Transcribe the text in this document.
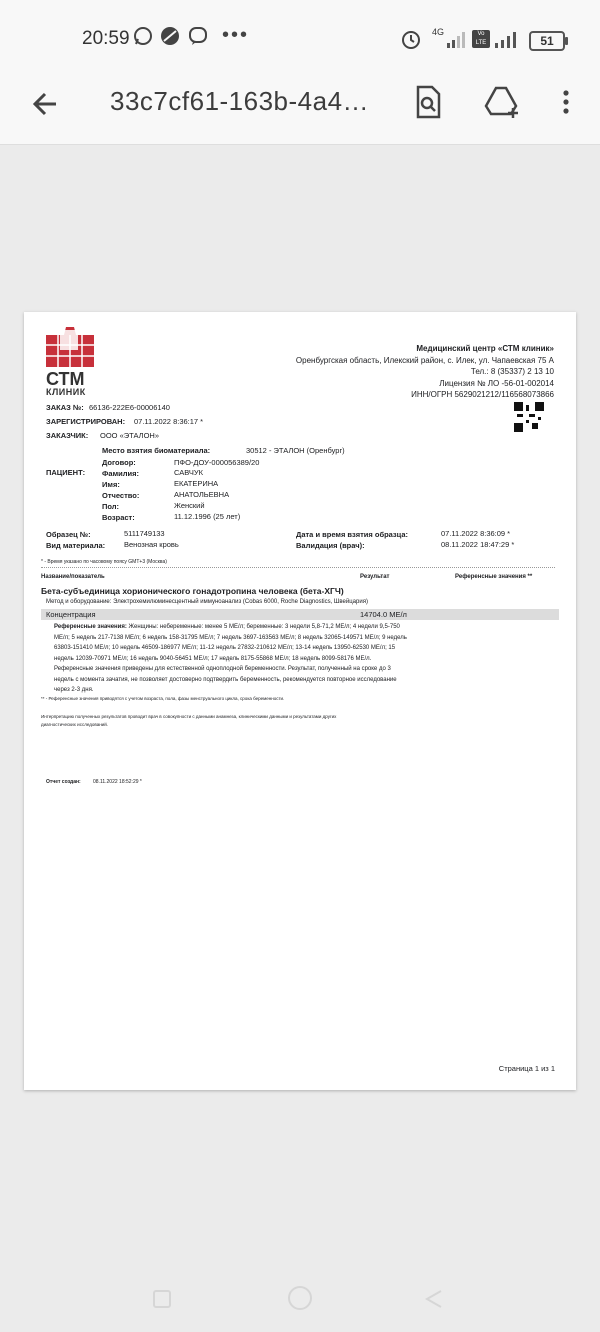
20:59	•••	4G	Vo LTE	51
33c7cf61-163b-4a4…
СТМ
КЛИНИК
Медицинский центр «СТМ клиник»
Оренбургская область, Илекский район, с. Илек, ул. Чапаевская 75 А
Тел.: 8 (35337) 2 13 10
Лицензия № ЛО -56-01-002014
ИНН/ОГРН 5629021212/116568073866
ЗАКАЗ №: 66136-222E6-00006140
ЗАРЕГИСТРИРОВАН: 07.11.2022 8:36:17 *
ЗАКАЗЧИК: ООО «ЭТАЛОН»
ПАЦИЕНТ:
Место взятия биоматериала:	30512 - ЭТАЛОН (Оренбург)
Договор:	ПФО-ДОУ-000056389/20
Фамилия:	САВЧУК
Имя:	ЕКАТЕРИНА
Отчество:	АНАТОЛЬЕВНА
Пол:	Женский
Возраст:	11.12.1996 (25 лет)
Образец №:	5111749133
Вид материала:	Венозная кровь
Дата и время взятия образца:	07.11.2022 8:36:09 *
Валидация (врач):	08.11.2022 18:47:29 *
* - Время указано по часовому поясу GMT+3 (Москва)
Название/показатель	Результат	Референсные значения **
Бета-субъединица хорионического гонадотропина человека (бета-ХГЧ)
Метод и оборудование: Электрохемилюминесцентный иммуноанализ (Cobas 6000, Roche Diagnostics, Швейцария)
Концентрация	14704.0 МЕ/л
Референсные значения: Женщины: небеременные: менее 5 МЕ/л; беременные: 3 недели 5,8-71,2 МЕ/л; 4 недели 9,5-750
МЕ/л; 5 недель 217-7138 МЕ/л; 6 недель 158-31795 МЕ/л; 7 недель 3697-163563 МЕ/л; 8 недель 32065-149571 МЕ/л; 9 недель
63803-151410 МЕ/л; 10 недель 46509-186977 МЕ/л; 11-12 недель 27832-210612 МЕ/л; 13-14 недель 13950-62530 МЕ/л; 15
недель 12039-70971 МЕ/л; 16 недель 9040-56451 МЕ/л; 17 недель 8175-55868 МЕ/л; 18 недель 8099-58176 МЕ/л.
Референсные значения приведены для естественной одноплодной беременности. Результат, полученный на сроке до 3
недель с момента зачатия, не позволяет достоверно подтвердить беременность, рекомендуется повторное исследование
через 2-3 дня.
** - Референсные значения приводятся с учетом возраста, пола, фазы менструального цикла, срока беременности.
Интерпретацию полученных результатов проводит врач в совокупности с данными анамнеза, клиническими данными и результатами других
диагностических исследований.
Отчет создан: 08.11.2022 18:52:29 *
Страница 1 из 1
